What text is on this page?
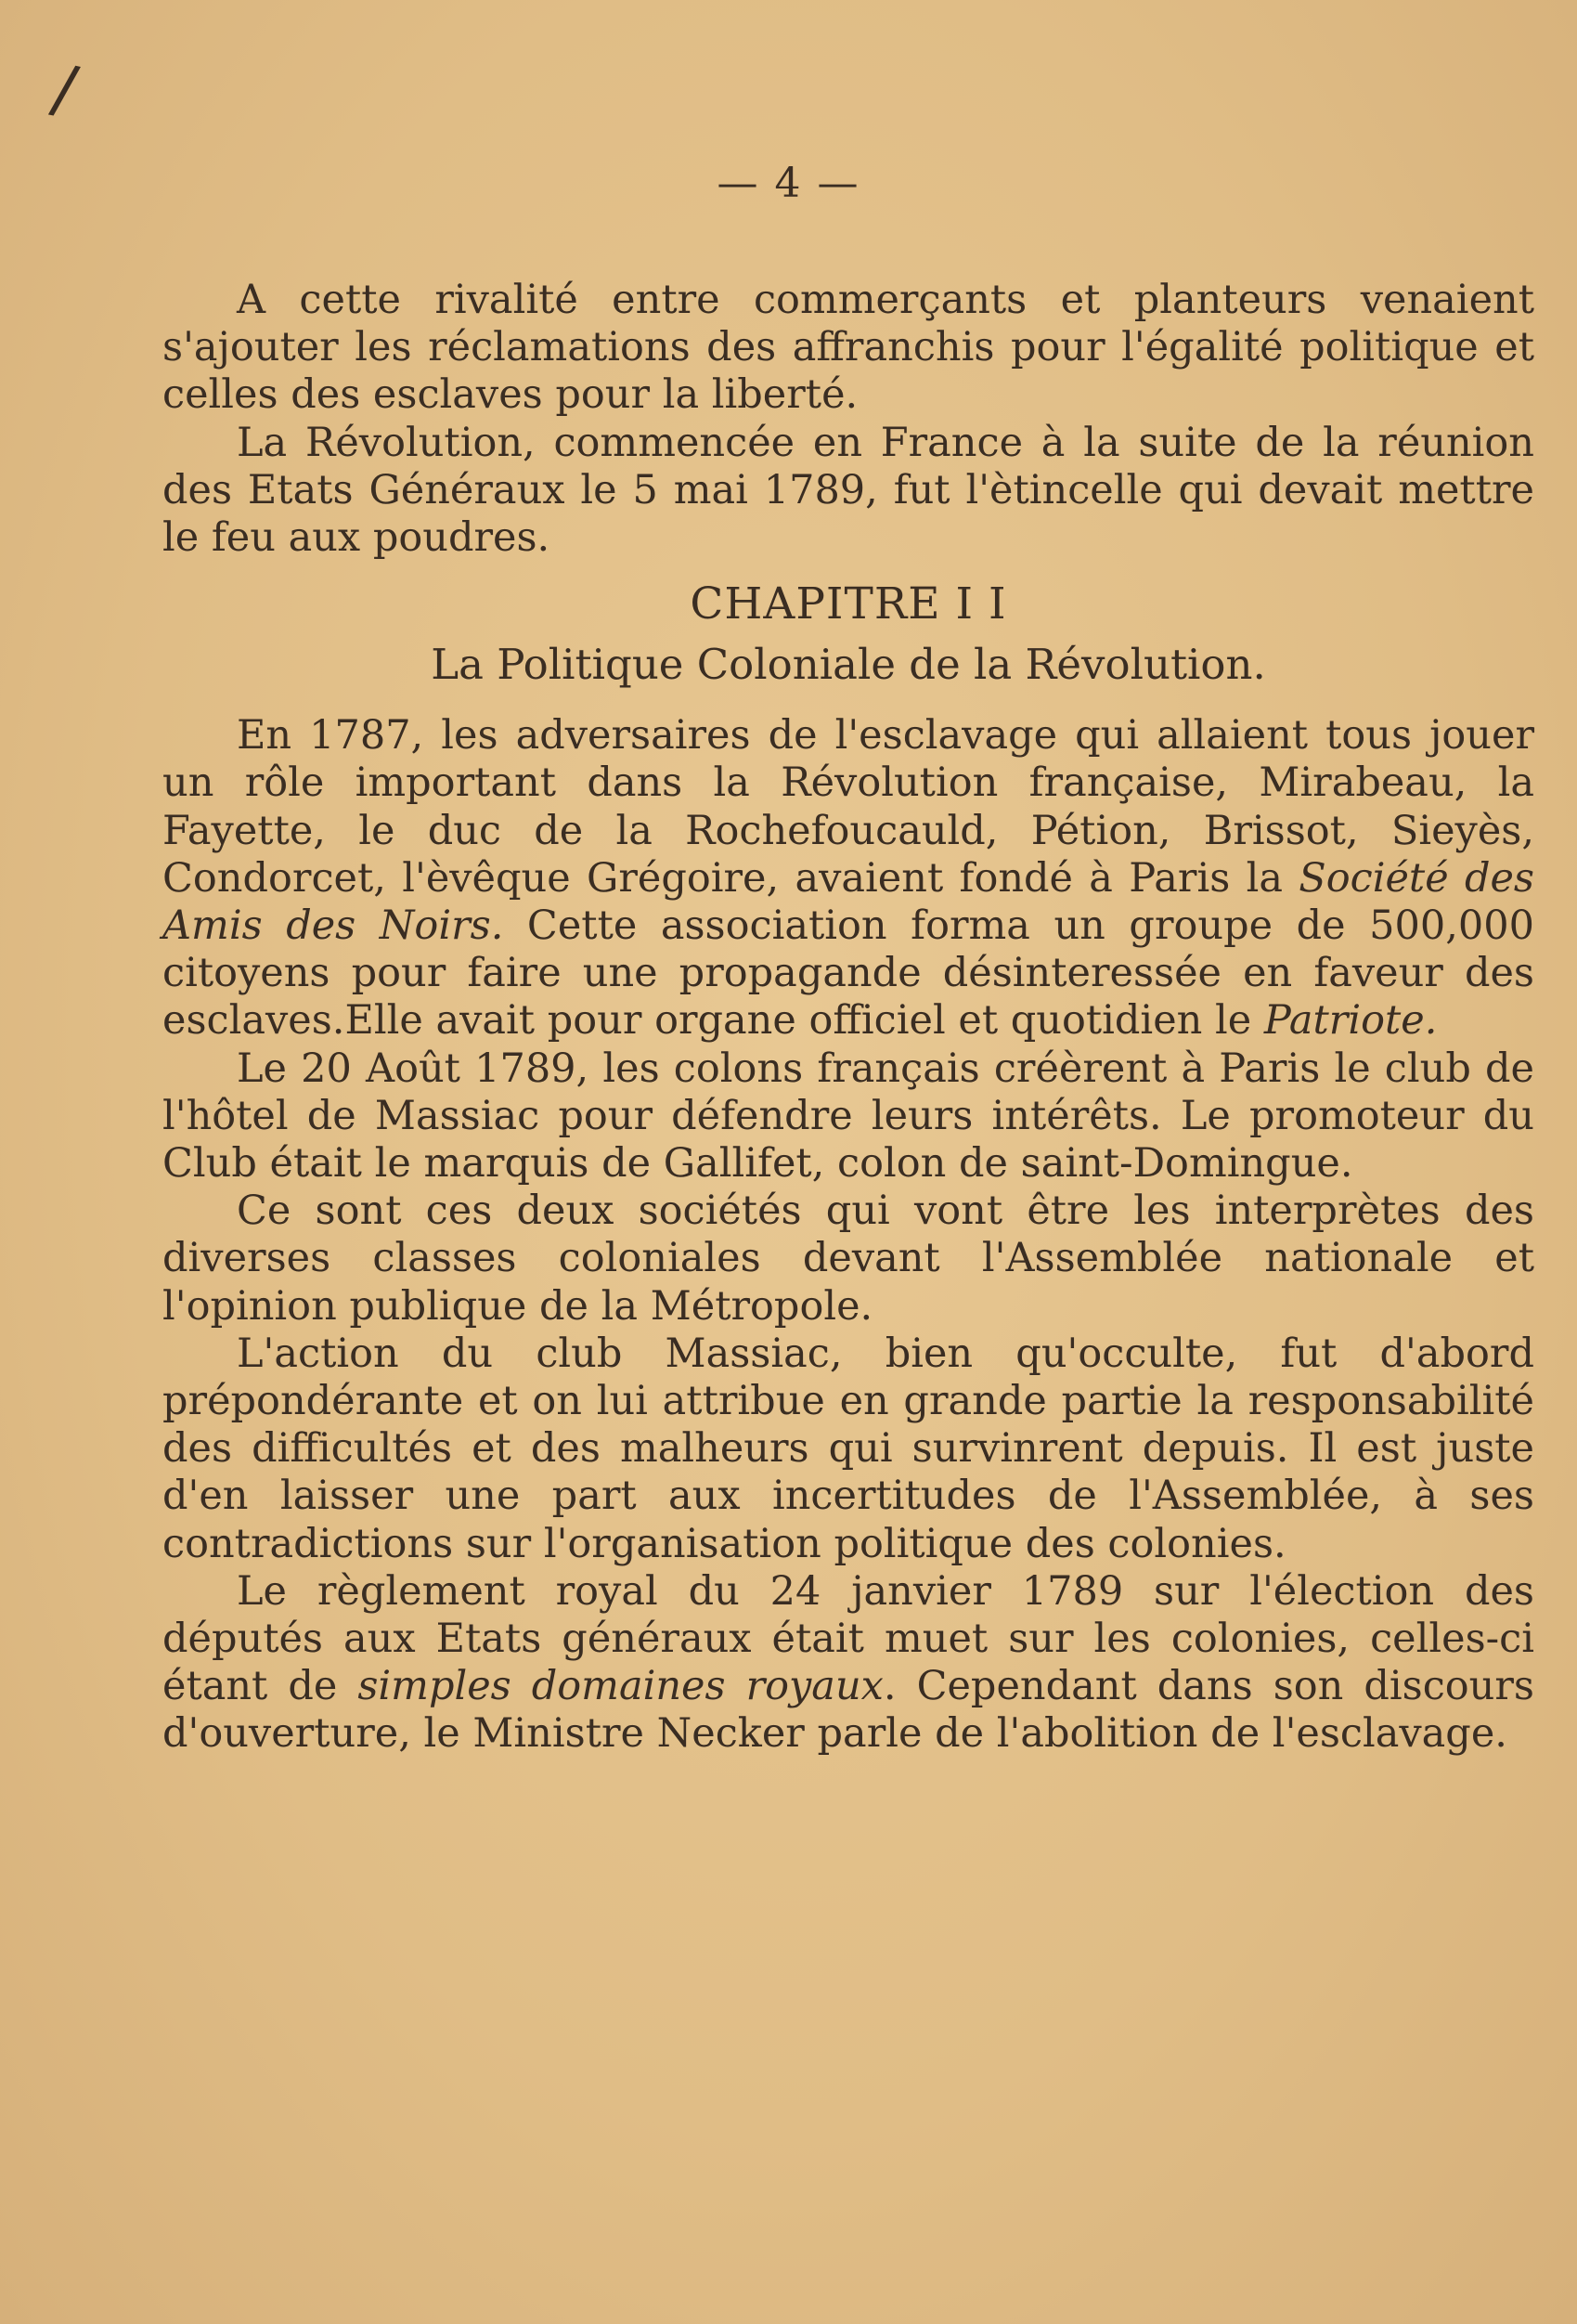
/
— 4 —

A cette rivalité entre commerçants et planteurs venaient s'ajouter les réclamations des affranchis pour l'égalité politique et celles des esclaves pour la liberté.

La Révolution, commencée en France à la suite de la réunion des Etats Généraux le 5 mai 1789, fut l'ètincelle qui devait mettre le feu aux poudres.

CHAPITRE I I
La Politique Coloniale de la Révolution.

En 1787, les adversaires de l'esclavage qui allaient tous jouer un rôle important dans la Révolution française, Mirabeau, la Fayette, le duc de la Rochefoucauld, Pétion, Brissot, Sieyès, Condorcet, l'èvêque Grégoire, avaient fondé à Paris la Société des Amis des Noirs. Cette association forma un groupe de 500,000 citoyens pour faire une propagande désinteressée en faveur des esclaves.Elle avait pour organe officiel et quotidien le Patriote.

Le 20 Août 1789, les colons français créèrent à Paris le club de l'hôtel de Massiac pour défendre leurs intérêts. Le promoteur du Club était le marquis de Gallifet, colon de saint-Domingue.

Ce sont ces deux sociétés qui vont être les interprètes des diverses classes coloniales devant l'Assemblée nationale et l'opinion publique de la Métropole.

L'action du club Massiac, bien qu'occulte, fut d'abord prépondérante et on lui attribue en grande partie la responsabilité des difficultés et des malheurs qui survinrent depuis. Il est juste d'en laisser une part aux incertitudes de l'Assemblée, à ses contradictions sur l'organisation politique des colonies.

Le règlement royal du 24 janvier 1789 sur l'élection des députés aux Etats généraux était muet sur les colonies, celles-ci étant de simples domaines royaux. Cependant dans son discours d'ouverture, le Ministre Necker parle de l'abolition de l'esclavage.
